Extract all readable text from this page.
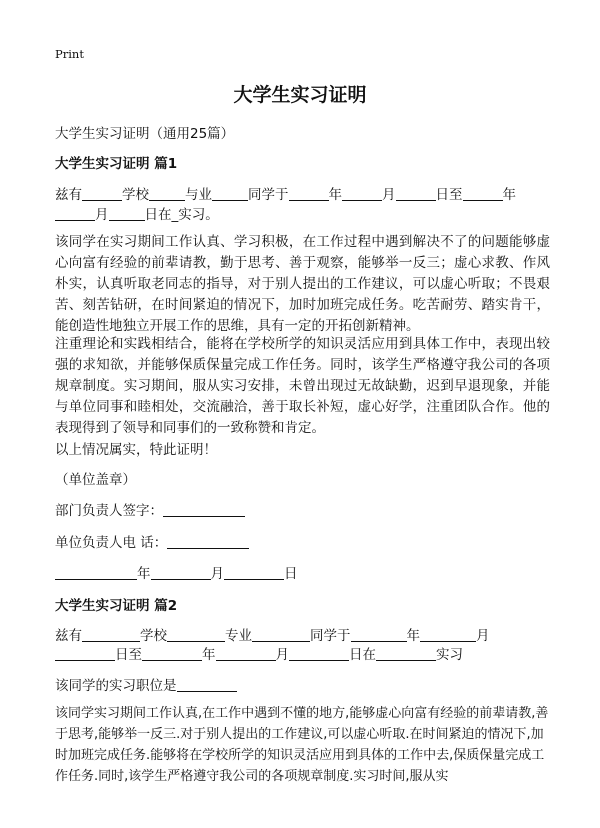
Print
大学生实习证明
大学生实习证明（通用25篇）
大学生实习证明 篇1
兹有	学校	与业	同学于	年	月	日至	年
月	日在_实习。
该同学在实习期间工作认真、学习积极，在工作过程中遇到解决不了的问题能够虚心向富有经验的前辈请教，勤于思考、善于观察，能够举一反三；虚心求教、作风朴实，认真听取老同志的指导，对于别人提出的工作建议，可以虚心听取；不畏艰苦、刻苦钻研，在时间紧迫的情况下，加时加班完成任务。吃苦耐劳、踏实肯干，能创造性地独立开展工作的思维，具有一定的开拓创新精神。
注重理论和实践相结合，能将在学校所学的知识灵活应用到具体工作中，表现出较强的求知欲，并能够保质保量完成工作任务。同时，该学生严格遵守我公司的各项规章制度。实习期间，服从实习安排，未曾出现过无故缺勤，迟到早退现象，并能与单位同事和睦相处，交流融洽，善于取长补短，虚心好学，注重团队合作。他的表现得到了领导和同事们的一致称赞和肯定。
以上情况属实，特此证明！
（单位盖章）
部门负责人签字：
单位负责人电 话：
年	月	日
大学生实习证明 篇2
兹有	学校	专业	同学于	年	月
日至	年	月	日在	实习
该同学的实习职位是
该同学实习期间工作认真,在工作中遇到不懂的地方,能够虚心向富有经验的前辈请教,善于思考,能够举一反三.对于别人提出的工作建议,可以虚心听取.在时间紧迫的情况下,加时加班完成任务.能够将在学校所学的知识灵活应用到具体的工作中去,保质保量完成工作任务.同时,该学生严格遵守我公司的各项规章制度.实习时间,服从实
